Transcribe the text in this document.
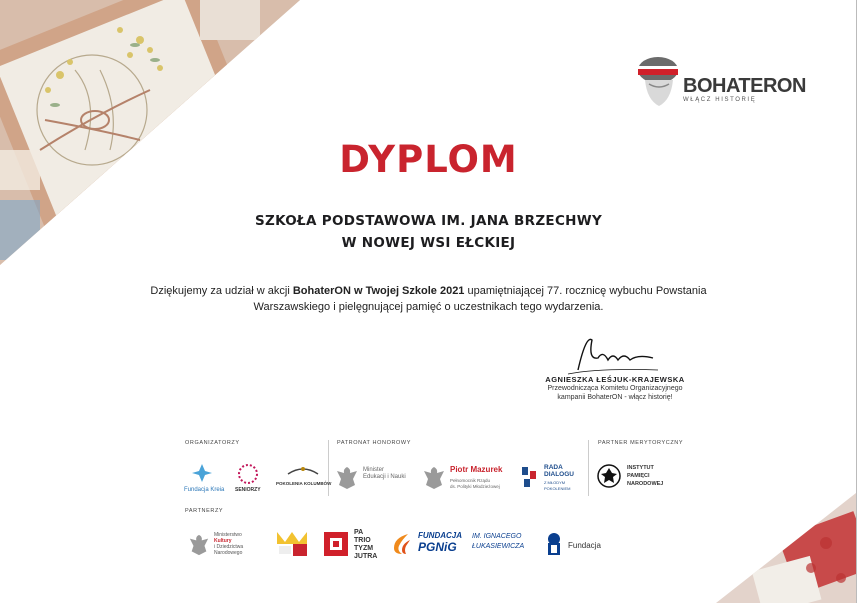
BOHATERON
WŁĄCZ HISTORIĘ
DYPLOM
SZKOŁA PODSTAWOWA IM. JANA BRZECHWY
W NOWEJ WSI EŁCKIEJ
Dziękujemy za udział w akcji BohaterON w Twojej Szkole 2021 upamiętniającej 77. rocznicę wybuchu Powstania
Warszawskiego i pielęgnującej pamięć o uczestnikach tego wydarzenia.
AGNIESZKA ŁEŚJUK-KRAJEWSKA
Przewodnicząca Komitetu Organizacyjnego
kampanii BohaterON - włącz historię!
ORGANIZATORZY	PATRONAT HONOROWY	PARTNER MERYTORYCZNY
PARTNERZY
Fundacja Kreia SENIORZY
POKOLENIA KOLUMBÓW
Minister
Edukacji i Nauki
Piotr Mazurek
Pełnomocnik Rządu
ds. Polityki Młodzieżowej
RADA
DIALOGU
Z MŁODYM
POKOLENIEM
INSTYTUT
PAMIĘCI
NARODOWEJ
Ministerstwo
Kultury
i Dziedzictwa
Narodowego
PA
TRIO
TYZM
JUTRA
FUNDACJA
PGNiG
IM. IGNACEGO
ŁUKASIEWICZA	Fundacja
